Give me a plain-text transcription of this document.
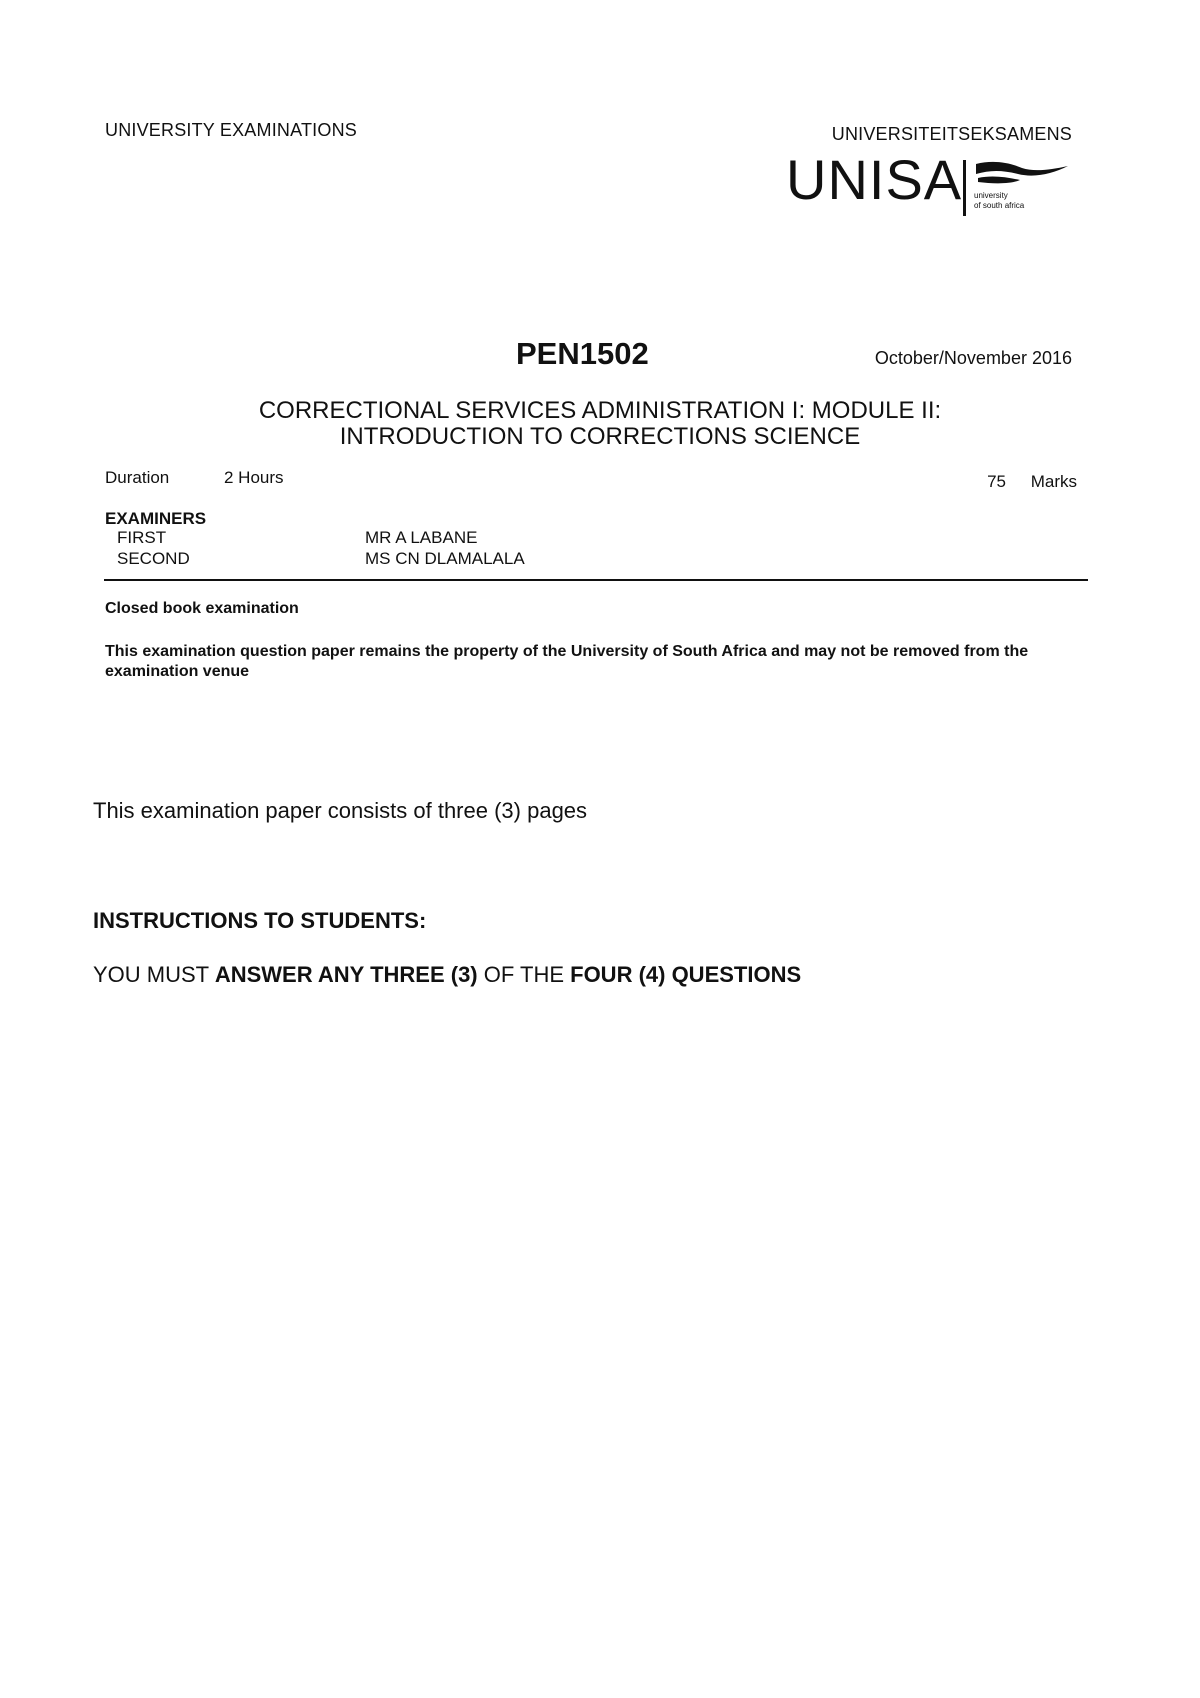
UNIVERSITY EXAMINATIONS	UNIVERSITEITSEKSAMENS
UNISA university
of south africa
PEN1502	October/November 2016
CORRECTIONAL SERVICES ADMINISTRATION I: MODULE II:
INTRODUCTION TO CORRECTIONS SCIENCE
Duration	2 Hours	75 Marks
EXAMINERS
FIRST	MR A LABANE
SECOND	MS CN DLAMALALA
Closed book examination
This examination question paper remains the property of the University of South Africa and may not be removed from the examination venue
This examination paper consists of three (3) pages
INSTRUCTIONS TO STUDENTS:
YOU MUST ANSWER ANY THREE (3) OF THE FOUR (4) QUESTIONS
